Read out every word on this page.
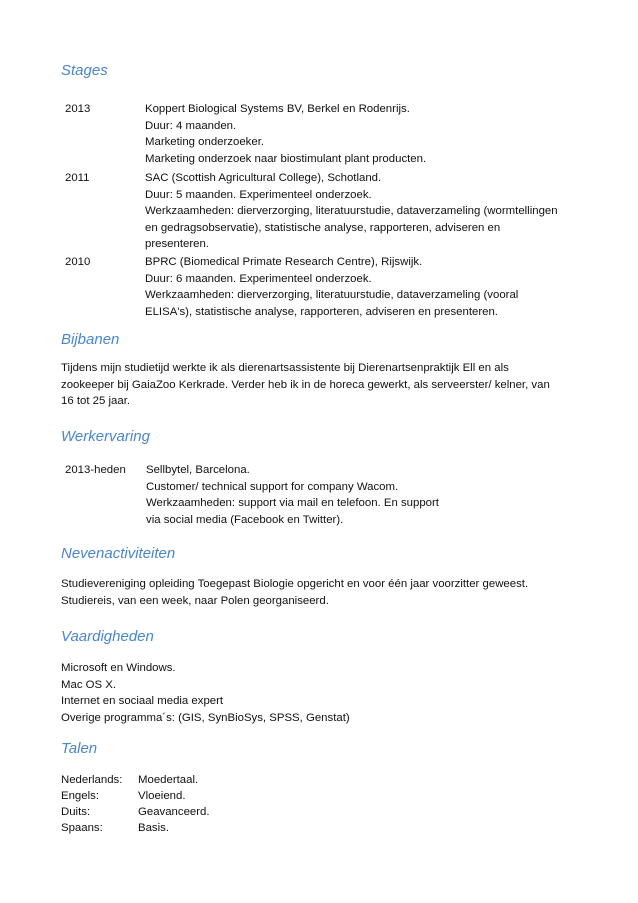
Stages
2013	Koppert Biological Systems BV, Berkel en Rodenrijs.
Duur: 4 maanden.
Marketing onderzoeker.
Marketing onderzoek naar biostimulant plant producten.
2011	SAC (Scottish Agricultural College), Schotland.
Duur: 5 maanden. Experimenteel onderzoek.
Werkzaamheden: dierverzorging, literatuurstudie, dataverzameling (wormtellingen
en gedragsobservatie), statistische analyse, rapporteren, adviseren en
presenteren.
2010	BPRC (Biomedical Primate Research Centre), Rijswijk.
Duur: 6 maanden. Experimenteel onderzoek.
Werkzaamheden: dierverzorging, literatuurstudie, dataverzameling (vooral
ELISA's), statistische analyse, rapporteren, adviseren en presenteren.
Bijbanen
Tijdens mijn studietijd werkte ik als dierenartsassistente bij Dierenartsenpraktijk Ell en als
zookeeper bij GaiaZoo Kerkrade. Verder heb ik in de horeca gewerkt, als serveerster/ kelner, van
16 tot 25 jaar.
Werkervaring
2013-heden Sellbytel, Barcelona.
Customer/ technical support for company Wacom.
Werkzaamheden: support via mail en telefoon. En support
via social media (Facebook en Twitter).
Nevenactiviteiten
Studievereniging opleiding Toegepast Biologie opgericht en voor één jaar voorzitter geweest.
Studiereis, van een week, naar Polen georganiseerd.
Vaardigheden
Microsoft en Windows.
Mac OS X.
Internet en sociaal media expert
Overige programma´s: (GIS, SynBioSys, SPSS, Genstat)
Talen
Nederlands: Moedertaal.
Engels:	Vloeiend.
Duits:	Geavanceerd.
Spaans:	Basis.
